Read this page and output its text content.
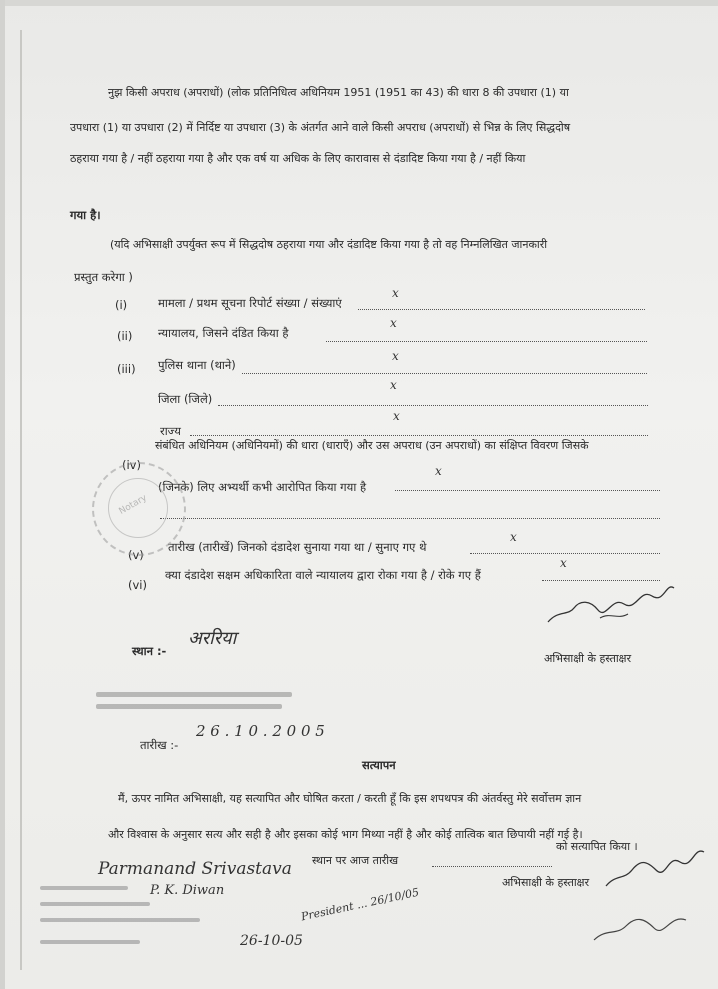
नुझ किसी अपराध (अपराधों) (लोक प्रतिनिधित्व अधिनियम 1951 (1951 का 43) की धारा 8 की उपधारा (1) या
उपधारा (1) या उपधारा (2) में निर्दिष्ट या उपधारा (3) के अंतर्गत आने वाले किसी अपराध (अपराधों) से भिन्न के लिए सिद्धदोष
ठहराया गया है / नहीं ठहराया गया है और एक वर्ष या अधिक के लिए कारावास से दंडादिष्ट किया गया है / नहीं किया
गया है।
(यदि अभिसाक्षी उपर्युक्त रूप में सिद्धदोष ठहराया गया और दंडादिष्ट किया गया है तो वह निम्नलिखित जानकारी
प्रस्तुत करेगा )
(i)	मामला / प्रथम सूचना रिपोर्ट संख्या / संख्याएं
x
(ii) न्यायालय, जिसने दंडित किया है
x
(iii) पुलिस थाना (थाने)
x
जिला (जिले)
x
राज्य
x
(iv)
संबंधित अधिनियम (अधिनियमों) की धारा (धाराएँ) और उस अपराध (उन अपराधों) का संक्षिप्त विवरण जिसके
(जिनके) लिए अभ्यर्थी कभी आरोपित किया गया है
x
(v)
तारीख (तारीखें) जिनको दंडादेश सुनाया गया था / सुनाए गए थे
x
(vi)
क्या दंडादेश सक्षम अधिकारिता वाले न्यायालय द्वारा रोका गया है / रोके गए हैं
x
Notary
स्थान :-
अररिया
अभिसाक्षी के हस्ताक्षर
तारीख :-
2 6 . 1 0 . 2 0 0 5
सत्यापन
मैं, ऊपर नामित अभिसाक्षी, यह सत्यापित और घोषित करता / करती हूँ कि इस शपथपत्र की अंतर्वस्तु मेरे सर्वोत्तम ज्ञान
और विश्वास के अनुसार सत्य और सही है और इसका कोई भाग मिथ्या नहीं है और कोई तात्विक बात छिपायी नहीं गई है।
स्थान पर आज तारीख
को सत्यापित किया ।
अभिसाक्षी के हस्ताक्षर
Parmanand Srivastava
P. K. Diwan
26-10-05
President ... 26/10/05
